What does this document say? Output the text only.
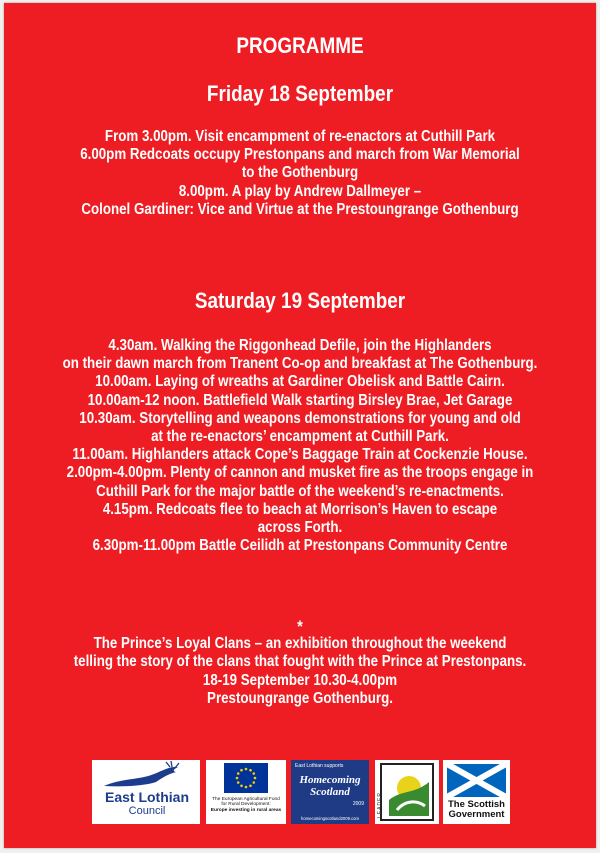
PROGRAMME
Friday 18 September
From 3.00pm. Visit encampment of re-enactors at Cuthill Park
6.00pm Redcoats occupy Prestonpans and march from War Memorial
to the Gothenburg
8.00pm. A play by Andrew Dallmeyer –
Colonel Gardiner: Vice and Virtue at the Prestoungrange Gothenburg
Saturday 19 September
4.30am. Walking the Riggonhead Defile, join the Highlanders
on their dawn march from Tranent Co-op and breakfast at The Gothenburg.
10.00am. Laying of wreaths at Gardiner Obelisk and Battle Cairn.
10.00am-12 noon. Battlefield Walk starting Birsley Brae, Jet Garage
10.30am. Storytelling and weapons demonstrations for young and old
at the re-enactors’ encampment at Cuthill Park.
11.00am. Highlanders attack Cope’s Baggage Train at Cockenzie House.
2.00pm-4.00pm. Plenty of cannon and musket fire as the troops engage in
Cuthill Park for the major battle of the weekend’s re-enactments.
4.15pm. Redcoats flee to beach at Morrison’s Haven to escape
across Forth.
6.30pm-11.00pm Battle Ceilidh at Prestonpans Community Centre
*
The Prince’s Loyal Clans – an exhibition throughout the weekend
telling the story of the clans that fought with the Prince at Prestonpans.
18-19 September 10.30-4.00pm
Prestoungrange Gothenburg.
East Lothian
Council
The European Agricultural Fund
for Rural Development:
Europe investing in rural areas
East Lothian supports
Homecoming
Scotland
2009
homecomingscotland2009.com
LEADER	The Scottish
Government
